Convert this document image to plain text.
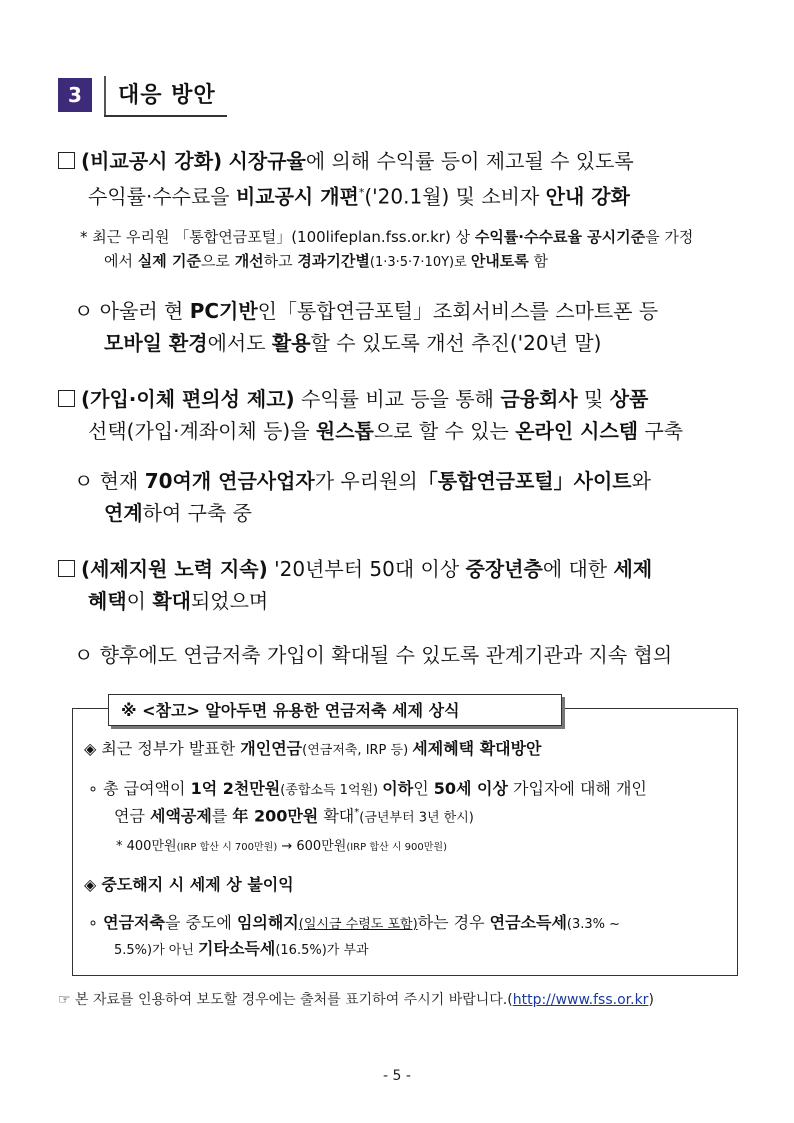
3	대응 방안
(비교공시 강화) 시장규율에 의해 수익률 등이 제고될 수 있도록
수익률·수수료을 비교공시 개편*('20.1월) 및 소비자 안내 강화
* 최근 우리원 「통합연금포털」(100lifeplan.fss.or.kr) 상 수익률·수수료율 공시기준을 가정
에서 실제 기준으로 개선하고 경과기간별(1·3·5·7·10Y)로 안내토록 함
ㅇ 아울러 현 PC기반인「통합연금포털」조회서비스를 스마트폰 등
모바일 환경에서도 활용할 수 있도록 개선 추진('20년 말)
(가입·이체 편의성 제고) 수익률 비교 등을 통해 금융회사 및 상품
선택(가입·계좌이체 등)을 원스톱으로 할 수 있는 온라인 시스템 구축
ㅇ 현재 70여개 연금사업자가 우리원의「통합연금포털」사이트와
연계하여 구축 중
(세제지원 노력 지속) '20년부터 50대 이상 중장년층에 대한 세제
혜택이 확대되었으며
ㅇ 향후에도 연금저축 가입이 확대될 수 있도록 관계기관과 지속 협의
※ <참고> 알아두면 유용한 연금저축 세제 상식
◈ 최근 정부가 발표한 개인연금(연금저축, IRP 등) 세제혜택 확대방안
∘ 총 급여액이 1억 2천만원(종합소득 1억원) 이하인 50세 이상 가입자에 대해 개인
연금 세액공제를 年 200만원 확대*(금년부터 3년 한시)
* 400만원(IRP 합산 시 700만원) → 600만원(IRP 합산 시 900만원)
◈ 중도해지 시 세제 상 불이익
∘ 연금저축을 중도에 임의해지(일시금 수령도 포함)하는 경우 연금소득세(3.3% ~
5.5%)가 아닌 기타소득세(16.5%)가 부과
☞ 본 자료를 인용하여 보도할 경우에는 출처를 표기하여 주시기 바랍니다.(http://www.fss.or.kr)
- 5 -
